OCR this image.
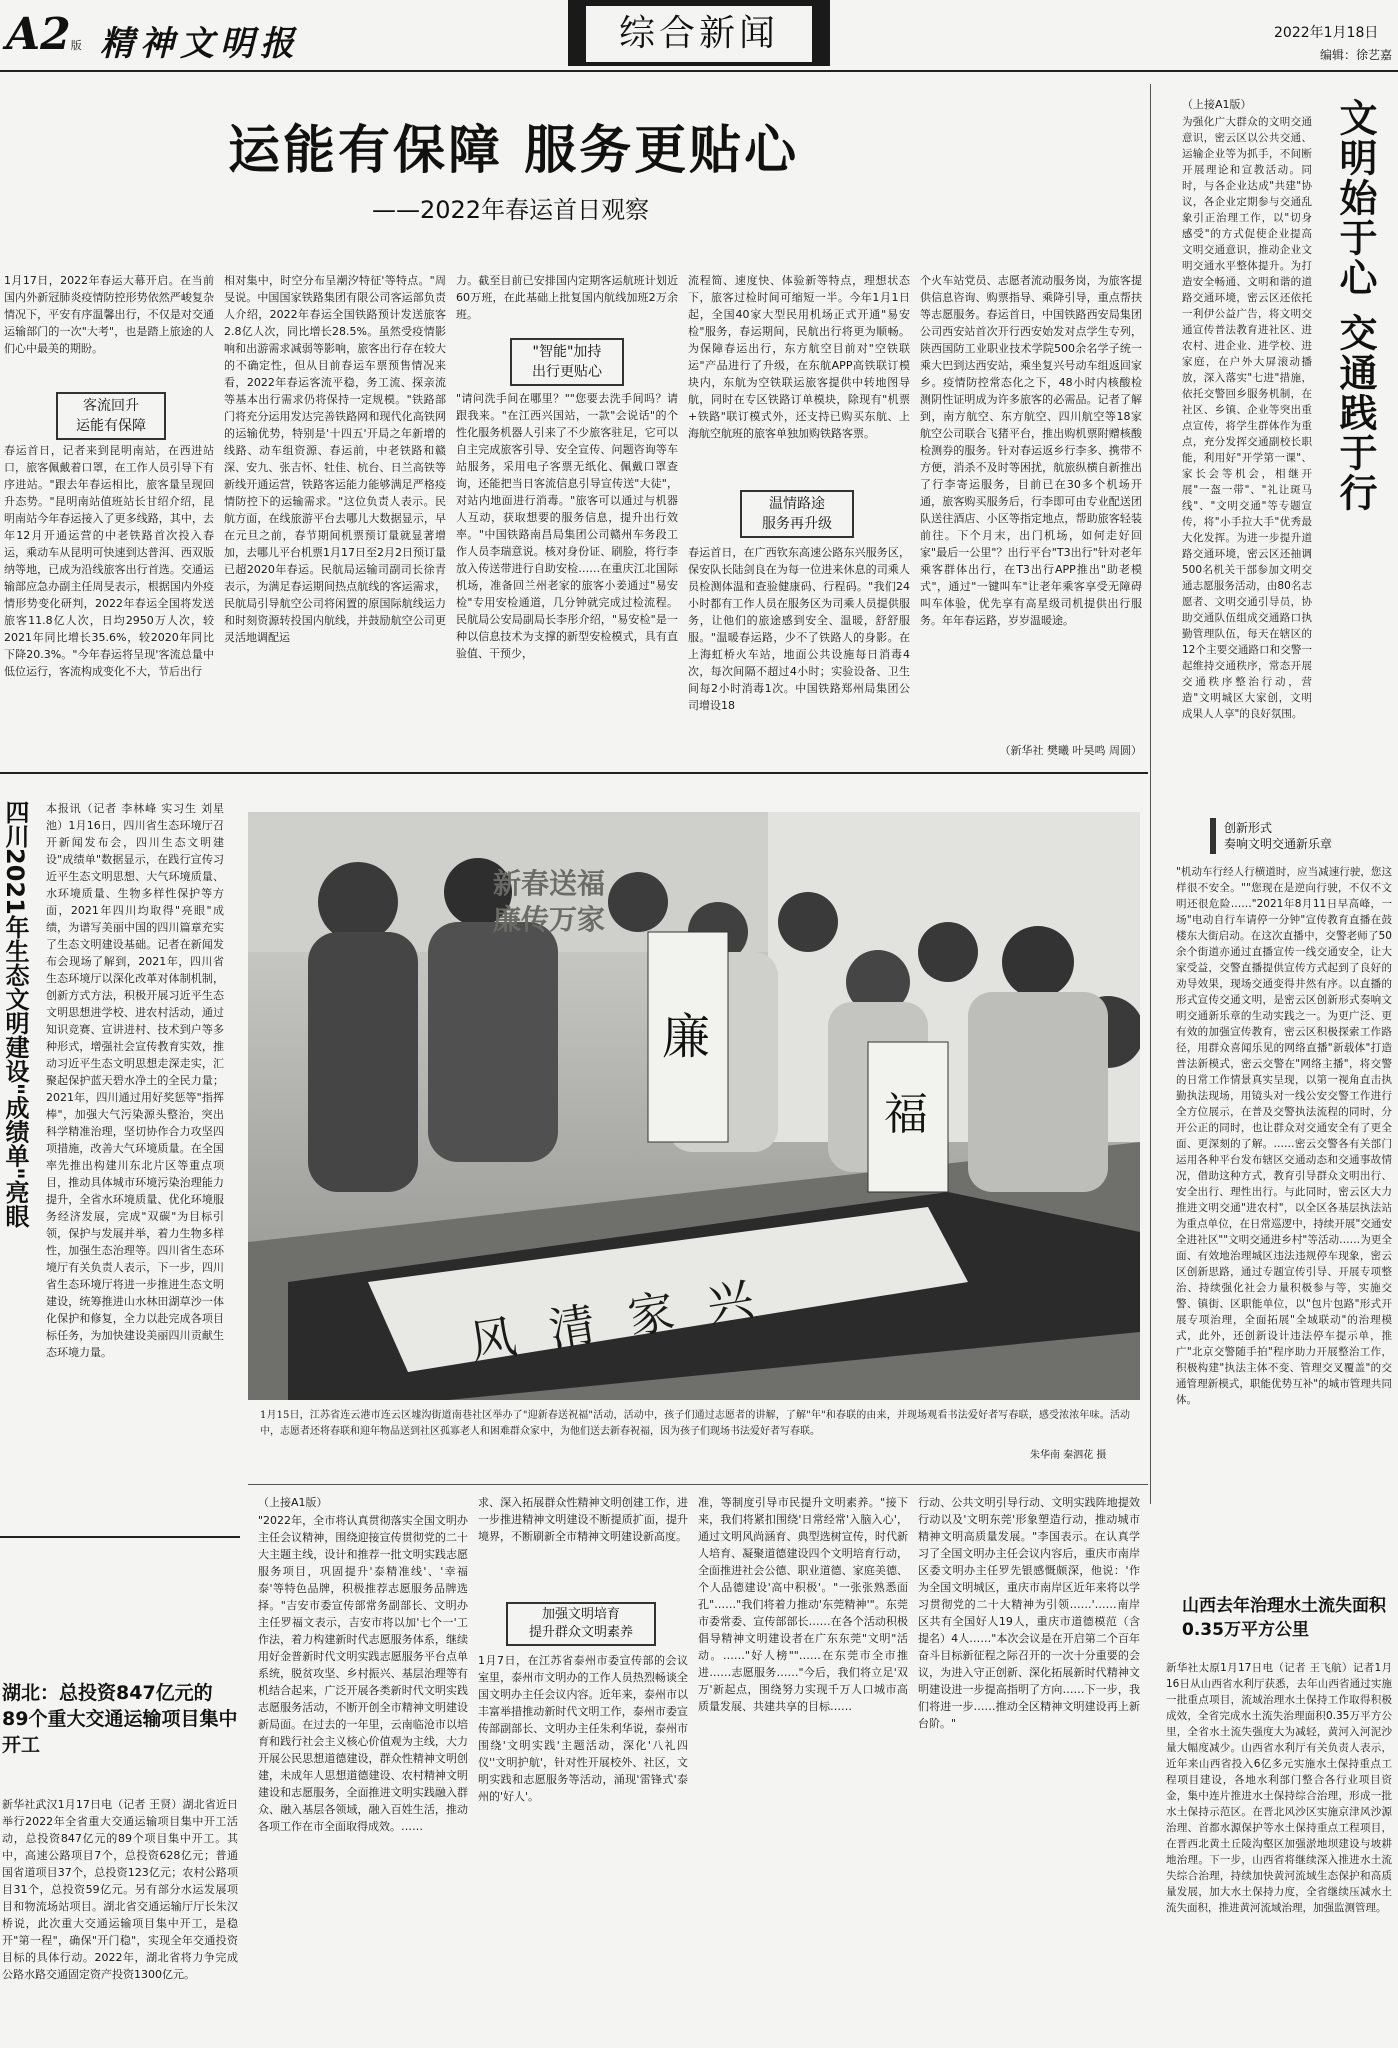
A2版 精神文明报	综合新闻	2022年1月18日
编辑：徐艺嘉
运能有保障 服务更贴心
——2022年春运首日观察
1月17日，2022年春运大幕开启。在当前国内外新冠肺炎疫情防控形势依然严峻复杂情况下，平安有序温馨出行，不仅是对交通运输部门的一次"大考"，也是踏上旅途的人们心中最美的期盼。
客流回升
运能有保障
春运首日，记者来到昆明南站，在西进站口，旅客佩戴着口罩，在工作人员引导下有序进站。"跟去年春运相比，旅客量呈现回升态势。"昆明南站值班站长甘绍介绍，昆明南站今年春运接入了更多线路，其中，去年12月开通运营的中老铁路首次投入春运，乘动车从昆明可快速到达普洱、西双版纳等地，已成为沿线旅客出行首选。交通运输部应急办副主任周旻表示，根据国内外疫情形势变化研判，2022年春运全国将发送旅客11.8亿人次，日均2950万人次，较2021年同比增长35.6%，较2020年同比下降20.3%。"今年春运将呈现'客流总量中低位运行，客流构成变化不大，节后出行
相对集中，时空分布呈潮汐特征'等特点。"周旻说。中国国家铁路集团有限公司客运部负责人介绍，2022年春运全国铁路预计发送旅客2.8亿人次，同比增长28.5%。虽然受疫情影响和出游需求减弱等影响，旅客出行存在较大的不确定性，但从目前春运车票预售情况来看，2022年春运客流平稳，务工流、探亲流等基本出行需求仍将保持一定规模。"铁路部门将充分运用发达完善铁路网和现代化高铁网的运输优势，特别是'十四五'开局之年新增的线路、动车组资源、春运前，中老铁路和赣深、安九、张吉怀、牡佳、杭台、日兰高铁等新线开通运营，铁路客运能力能够满足严格疫情防控下的运输需求。"这位负责人表示。民航方面，在线旅游平台去哪儿大数据显示，早在元旦之前，春节期间机票预订量就显著增加，去哪儿平台机票1月17日至2月2日预订量已超2020年春运。民航局运输司副司长徐青表示，为满足春运期间热点航线的客运需求，民航局引导航空公司将闲置的原国际航线运力和时刻资源转投国内航线，并鼓励航空公司更灵活地调配运
力。截至目前已安排国内定期客运航班计划近60万班，在此基础上批复国内航线加班2万余班。
"智能"加持
出行更贴心
"请问洗手间在哪里？""您要去洗手间吗？请跟我来。"在江西兴国站，一款"会说话"的个性化服务机器人引来了不少旅客驻足，它可以自主完成旅客引导、安全宣传、问题咨询等车站服务，采用电子客票无纸化、佩戴口罩查询，还能把当日客流信息引导宣传送"大徒"，对站内地面进行消毒。"旅客可以通过与机器人互动，获取想要的服务信息，提升出行效率。"中国铁路南昌局集团公司赣州车务段工作人员李瑞意说。核对身份证、刷脸，将行李放入传送带进行自助安检……在重庆江北国际机场，准备回兰州老家的旅客小姜通过"易安检"专用安检通道，几分钟就完成过检流程。民航局公安局副局长李彤介绍，"易安检"是一种以信息技术为支撑的新型安检模式，具有直验值、干预少，
流程简、速度快、体验新等特点，理想状态下，旅客过检时间可缩短一半。今年1月1日起，全国40家大型民用机场正式开通"易安检"服务，春运期间，民航出行将更为顺畅。为保障春运出行，东方航空目前对"空铁联运"产品进行了升级，在东航APP高铁联订模块内，东航为空铁联运旅客提供中转地图导航，同时在专区铁路订单模块，除现有"机票+铁路"联订模式外，还支持已购买东航、上海航空航班的旅客单独加购铁路客票。
温情路途
服务再升级
春运首日，在广西钦东高速公路东兴服务区，保安队长陆剑良在为每一位进来休息的司乘人员检测体温和查验健康码、行程码。"我们24小时都有工作人员在服务区为司乘人员提供服务，让他们的旅途感到安全、温暖，舒舒服服。"温暖春运路，少不了铁路人的身影。在上海虹桥火车站，地面公共设施每日消毒4次，每次间隔不超过4小时；实验设备、卫生间每2小时消毒1次。中国铁路郑州局集团公司增设18
个火车站党员、志愿者流动服务岗，为旅客提供信息咨询、购票指导、乘降引导，重点帮扶等志愿服务。春运首日，中国铁路西安局集团公司西安站首次开行西安始发对点学生专列，陕西国防工业职业技术学院500余名学子统一乘大巴到达西安站，乘坐复兴号动车组返回家乡。疫情防控常态化之下，48小时内核酸检测阴性证明成为许多旅客的必需品。记者了解到，南方航空、东方航空、四川航空等18家航空公司联合飞猪平台，推出购机票附赠核酸检测券的服务。针对春运返乡行李多、携带不方便，消杀不及时等困扰，航旅纵横自新推出了行李寄运服务，目前已在30多个机场开通，旅客购买服务后，行李即可由专业配送团队送往酒店、小区等指定地点，帮助旅客轻装前往。下个月末，出门机场，如何走好回家"最后一公里"？出行平台"T3出行"针对老年乘客群体出行，在T3出行APP推出"助老模式"，通过"一键叫车"让老年乘客享受无障碍叫车体验，优先享有高星级司机提供出行服务。年年春运路，岁岁温暖途。
（新华社 樊曦 叶昊鸣 周圆）
（上接A1版）
为强化广大群众的文明交通意识，密云区以公共交通、运输企业等为抓手，不间断开展理论和宣教活动。同时，与各企业达成"共建"协议，各企业定期参与交通乱象引正治理工作，以"切身感受"的方式促使企业提高文明交通意识，推动企业文明交通水平整体提升。为打造安全畅通、文明和谐的道路交通环境，密云区还依托一利伊公益广告，将文明交通宣传普法教育进社区、进农村、进企业、进学校、进家庭，在户外大屏滚动播放，深入落实"七进"措施，依托交警回乡服务机制，在社区、乡镇、企业等突出重点宣传，将学生群体作为重点，充分发挥交通副校长职能，利用好"开学第一课"、家长会等机会，相继开展"一盔一带"、"礼让斑马线"、"文明交通"等专题宣传，将"小手拉大手"优秀最大化发挥。为进一步提升道路交通环境，密云区还抽调500名机关干部参加文明交通志愿服务活动，由80名志愿者、文明交通引导员，协助交通队伍组成交通路口执勤管理队伍，每天在辖区的12个主要交通路口和交警一起维持交通秩序，常态开展交通秩序整治行动，营造"文明城区大家创，文明成果人人享"的良好氛围。
文明始于心 交通践于行
创新形式
奏响文明交通新乐章
"机动车行经人行横道时，应当减速行驶，您这样很不安全。""您现在是逆向行驶，不仅不文明还很危险……"2021年8月11日早高峰，一场"电动自行车请停一分钟"宣传教育直播在鼓楼东大街启动。在这次直播中，交警老师了50余个街道亦通过直播宣传一线交通安全，让大家受益，交警直播提供宣传方式起到了良好的劝导效果，现场交通变得井然有序。以直播的形式宣传交通文明，是密云区创新形式奏响文明交通新乐章的生动实践之一。为更广泛、更有效的加强宣传教育，密云区积极探索工作路径，用群众喜闻乐见的网络直播"新载体"打造普法新模式，密云交警在"网络主播"，将交警的日常工作情景真实呈现，以第一视角直击执勤执法现场，用镜头对一线公安交警工作进行全方位展示，在普及交警执法流程的同时，分开公正的同时，也让群众对交通安全有了更全面、更深刻的了解。……密云交警各有关部门运用各种平台发布辖区交通动态和交通事故情况，借助这种方式，教育引导群众文明出行、安全出行、理性出行。与此同时，密云区大力推进文明交通"进农村"，以全区各基层执法站为重点单位，在日常巡逻中，持续开展"交通安全进社区""文明交通进乡村"等活动……为更全面、有效地治理城区违法违规停车现象，密云区创新思路，通过专题宣传引导、开展专项整治、持续强化社会力量积极参与等，实施交警、镇街、区职能单位，以"包片包路"形式开展专项治理，全面拓展"全域联动"的治理模式，此外，还创新设计违法停车提示单，推广"北京交警随手拍"程序助力开展整治工作，积极构建"执法主体不变、管理交叉覆盖"的交通管理新模式，职能优势互补"的城市管理共同体。
四川2021年生态文明建设"成绩单"亮眼 本报讯（记者 李林峰 实习生 刘星池）1月16日，四川省生态环境厅召开新闻发布会，四川生态文明建设"成绩单"数据显示，在践行宣传习近平生态文明思想、大气环境质量、水环境质量、生物多样性保护等方面，2021年四川均取得"亮眼"成绩，为谱写美丽中国的四川篇章充实了生态文明建设基础。记者在新闻发布会现场了解到，2021年，四川省生态环境厅以深化改革对体制机制，创新方式方法，积极开展习近平生态文明思想进学校、进农村活动，通过知识竞赛、宣讲进村、技术到户等多种形式，增强社会宣传教育实效，推动习近平生态文明思想走深走实，汇聚起保护蓝天碧水净土的全民力量；2021年，四川通过用好奖惩等"指挥棒"，加强大气污染源头整治，突出科学精准治理，坚切协作合力攻坚四项措施，改善大气环境质量。在全国率先推出构建川东北片区等重点项目，推动具体城市环境污染治理能力提升，全省水环境质量、优化环境服务经济发展，完成"双碳"为目标引领，保护与发展并举，着力生物多样性，加强生态治理等。四川省生态环境厅有关负责人表示，下一步，四川省生态环境厅将进一步推进生态文明建设，统筹推进山水林田湖草沙一体化保护和修复，全力以赴完成各项目标任务，为加快建设美丽四川贡献生态环境力量。
新春送福
廉传万家
廉
福
风清家兴
1月15日，江苏省连云港市连云区墟沟街道南巷社区举办了"迎新春送祝福"活动，活动中，孩子们通过志愿者的讲解，了解"年"和春联的由来，并现场观看书法爱好者写春联，感受浓浓年味。活动中，志愿者还将春联和迎年物品送到社区孤寡老人和困难群众家中，为他们送去新春祝福，因为孩子们现场书法爱好者写春联。
朱华南 秦泗花 摄
（上接A1版）
"2022年，全市将认真贯彻落实全国文明办主任会议精神，围绕迎接宣传贯彻党的二十大主题主线，设计和推荐一批文明实践志愿服务项目，巩固提升'泰精准线'、'幸福泰'等特色品牌，积极推荐志愿服务品牌选择。"吉安市委宣传部常务副部长、文明办主任罗福文表示，吉安市将以加'七个一'工作法，着力构建新时代志愿服务体系，继续用好金普新时代文明实践志愿服务平台点单系统，脱贫攻坚、乡村振兴、基层治理等有机结合起来，广泛开展各类新时代文明实践志愿服务活动，不断开创全市精神文明建设新局面。在过去的一年里，云南临沧市以培育和践行社会主义核心价值观为主线，大力开展公民思想道德建设，群众性精神文明创建，未成年人思想道德建设、农村精神文明建设和志愿服务，全面推进文明实践融入群众、融入基层各领域，融入百姓生活，推动各项工作在市全面取得成效。……
求、深入拓展群众性精神文明创建工作，进一步推进精神文明建设不断提质扩面，提升境界，不断刷新全市精神文明建设新高度。
加强文明培育
提升群众文明素养
1月7日，在江苏省泰州市委宣传部的会议室里，泰州市文明办的工作人员热烈畅谈全国文明办主任会议内容。近年来，泰州市以丰富举措推动新时代文明工作，泰州市委宣传部副部长、文明办主任朱利华说，泰州市围绕'文明实践'主题活动，深化'八礼四仪''文明护航'，针对性开展校外、社区，文明实践和志愿服务等活动，涌现'雷锋式'泰州的'好人'。
准，等制度引导市民提升文明素养。"接下来，我们将紧扣围绕'日常经常'入脑入心'，通过文明风尚涵育、典型选树宣传，时代新人培育、凝聚道德建设四个文明培育行动，全面推进社会公德、职业道德、家庭美德、个人品德建设'高中积极'。"一张张熟悉面孔"……"我们将着力推动'东莞精神'"。东莞市委常委、宣传部部长……在各个活动积极倡导精神文明建设者在广东东莞"文明"活动。……"好人榜""……在东莞市全市推进……志愿服务……"今后，我们将立足'双万'新起点，围绕努力实现千万人口城市高质量发展、共建共享的目标……
行动、公共文明引导行动、文明实践阵地提效行动以及'文明东莞'形象塑造行动，推动城市精神文明高质量发展。"李国表示。在认真学习了全国文明办主任会议内容后，重庆市南岸区委文明办主任罗先银感慨颇深，他说：'作为全国文明城区，重庆市南岸区近年来将以学习贯彻党的二十大精神为引领……'……南岸区共有全国好人19人，重庆市道德模范（含提名）4人……"本次会议是在开启第二个百年奋斗目标新征程之际召开的一次十分重要的会议，为进入守正创新、深化拓展新时代精神文明建设进一步提高指明了方向……下一步，我们将进一步……推动全区精神文明建设再上新台阶。"
湖北：总投资847亿元的89个重大交通运输项目集中开工
新华社武汉1月17日电（记者 王贤）湖北省近日举行2022年全省重大交通运输项目集中开工活动，总投资847亿元的89个项目集中开工。其中，高速公路项目7个，总投资628亿元；普通国省道项目37个，总投资123亿元；农村公路项目31个，总投资59亿元。另有部分水运发展项目和物流场站项目。湖北省交通运输厅厅长朱汉桥说，此次重大交通运输项目集中开工，是稳开"第一程"，确保"开门稳"，实现全年交通投资目标的具体行动。2022年，湖北省将力争完成公路水路交通固定资产投资1300亿元。
山西去年治理水土流失面积0.35万平方公里
新华社太原1月17日电（记者 王飞航）记者1月16日从山西省水利厅获悉，去年山西省通过实施一批重点项目，流域治理水土保持工作取得积极成效，全省完成水土流失治理面积0.35万平方公里，全省水土流失强度大为减轻，黄河入河泥沙量大幅度减少。山西省水利厅有关负责人表示，近年来山西省投入6亿多元实施水土保持重点工程项目建设，各地水利部门整合各行业项目资金，集中连片推进水土保持综合治理，形成一批水土保持示范区。在晋北风沙区实施京津风沙源治理、首都水源保护等水土保持重点工程项目，在晋西北黄土丘陵沟壑区加强淤地坝建设与坡耕地治理。下一步，山西省将继续深入推进水土流失综合治理，持续加快黄河流域生态保护和高质量发展，加大水土保持力度，全省继续压减水土流失面积，推进黄河流域治理，加强监测管理。
